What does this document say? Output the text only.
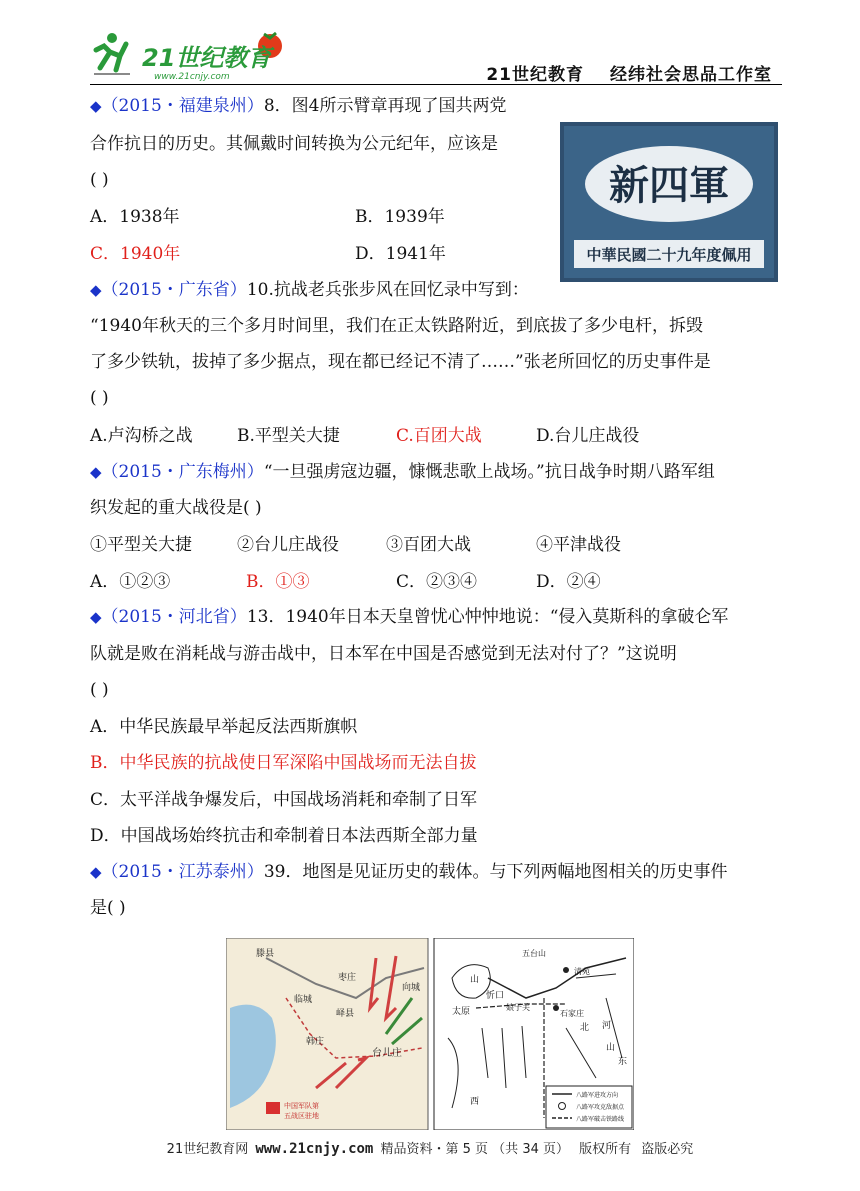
21世纪教育
www.21cnjy.com	21世纪教育 经纬社会思品工作室
◆（2015・福建泉州）8．图4所示臂章再现了国共两党
合作抗日的历史。其佩戴时间转换为公元纪年，应该是
( )
A．1938年	B．1939年
C．1940年	D．1941年
新四軍
中華民國二十九年度佩用
◆（2015・广东省）10.抗战老兵张步风在回忆录中写到：
“1940年秋天的三个多月时间里，我们在正太铁路附近，到底拔了多少电杆，拆毁
了多少铁轨，拔掉了多少据点，现在都已经记不清了……”张老所回忆的历史事件是
( )
A.卢沟桥之战	B.平型关大捷	C.百团大战	D.台儿庄战役
◆（2015・广东梅州）“一旦强虏寇边疆，慷慨悲歌上战场。”抗日战争时期八路军组
织发起的重大战役是( )
①平型关大捷	②台儿庄战役	③百团大战	④平津战役
A．①②③	B．①③	C．②③④	D．②④
◆（2015・河北省）13．1940年日本天皇曾忧心忡忡地说：“侵入莫斯科的拿破仑军
队就是败在消耗战与游击战中，日本军在中国是否感觉到无法对付了？”这说明
( )
A．中华民族最早举起反法西斯旗帜
B．中华民族的抗战使日军深陷中国战场而无法自拔
C．太平洋战争爆发后，中国战场消耗和牵制了日军
D．中国战场始终抗击和牵制着日本法西斯全部力量
◆（2015・江苏泰州）39．地图是见证历史的载体。与下列两幅地图相关的历史事件
是( )
滕县
枣庄
向城
临城
峄县
韩庄
台儿庄
中国军队第
五战区驻地
山
忻口
五台山
娘子关
清苑
太原	石家庄
北 河
山
东
西
八路军进攻方向
八路军攻克敌据点
八路军破击铁路线
21世纪教育网 www.21cnjy.com 精品资料・第 5 页 （共 34 页） 版权所有 盗版必究
